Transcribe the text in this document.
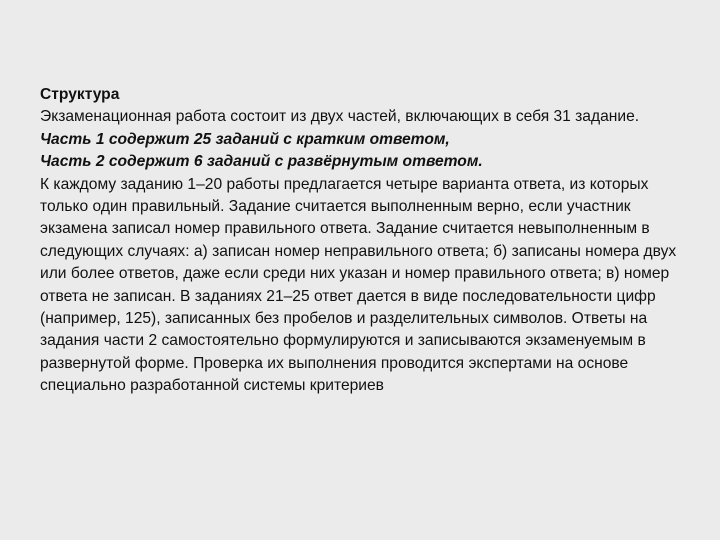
Структура
Экзаменационная работа состоит из двух частей, включающих в себя 31 задание.
Часть 1 содержит 25 заданий с кратким ответом,
Часть 2 содержит 6 заданий с развёрнутым ответом.
К каждому заданию 1–20 работы предлагается четыре варианта ответа, из которых только один правильный. Задание считается выполненным верно, если участник экзамена записал номер правильного ответа. Задание считается невыполненным в следующих случаях: а) записан номер неправильного ответа; б) записаны номера двух или более ответов, даже если среди них указан и номер правильного ответа; в) номер ответа не записан. В заданиях 21–25 ответ дается в виде последовательности цифр (например, 125), записанных без пробелов и разделительных символов. Ответы на задания части 2 самостоятельно формулируются и записываются экзаменуемым в развернутой форме. Проверка их выполнения проводится экспертами на основе специально разработанной системы критериев
